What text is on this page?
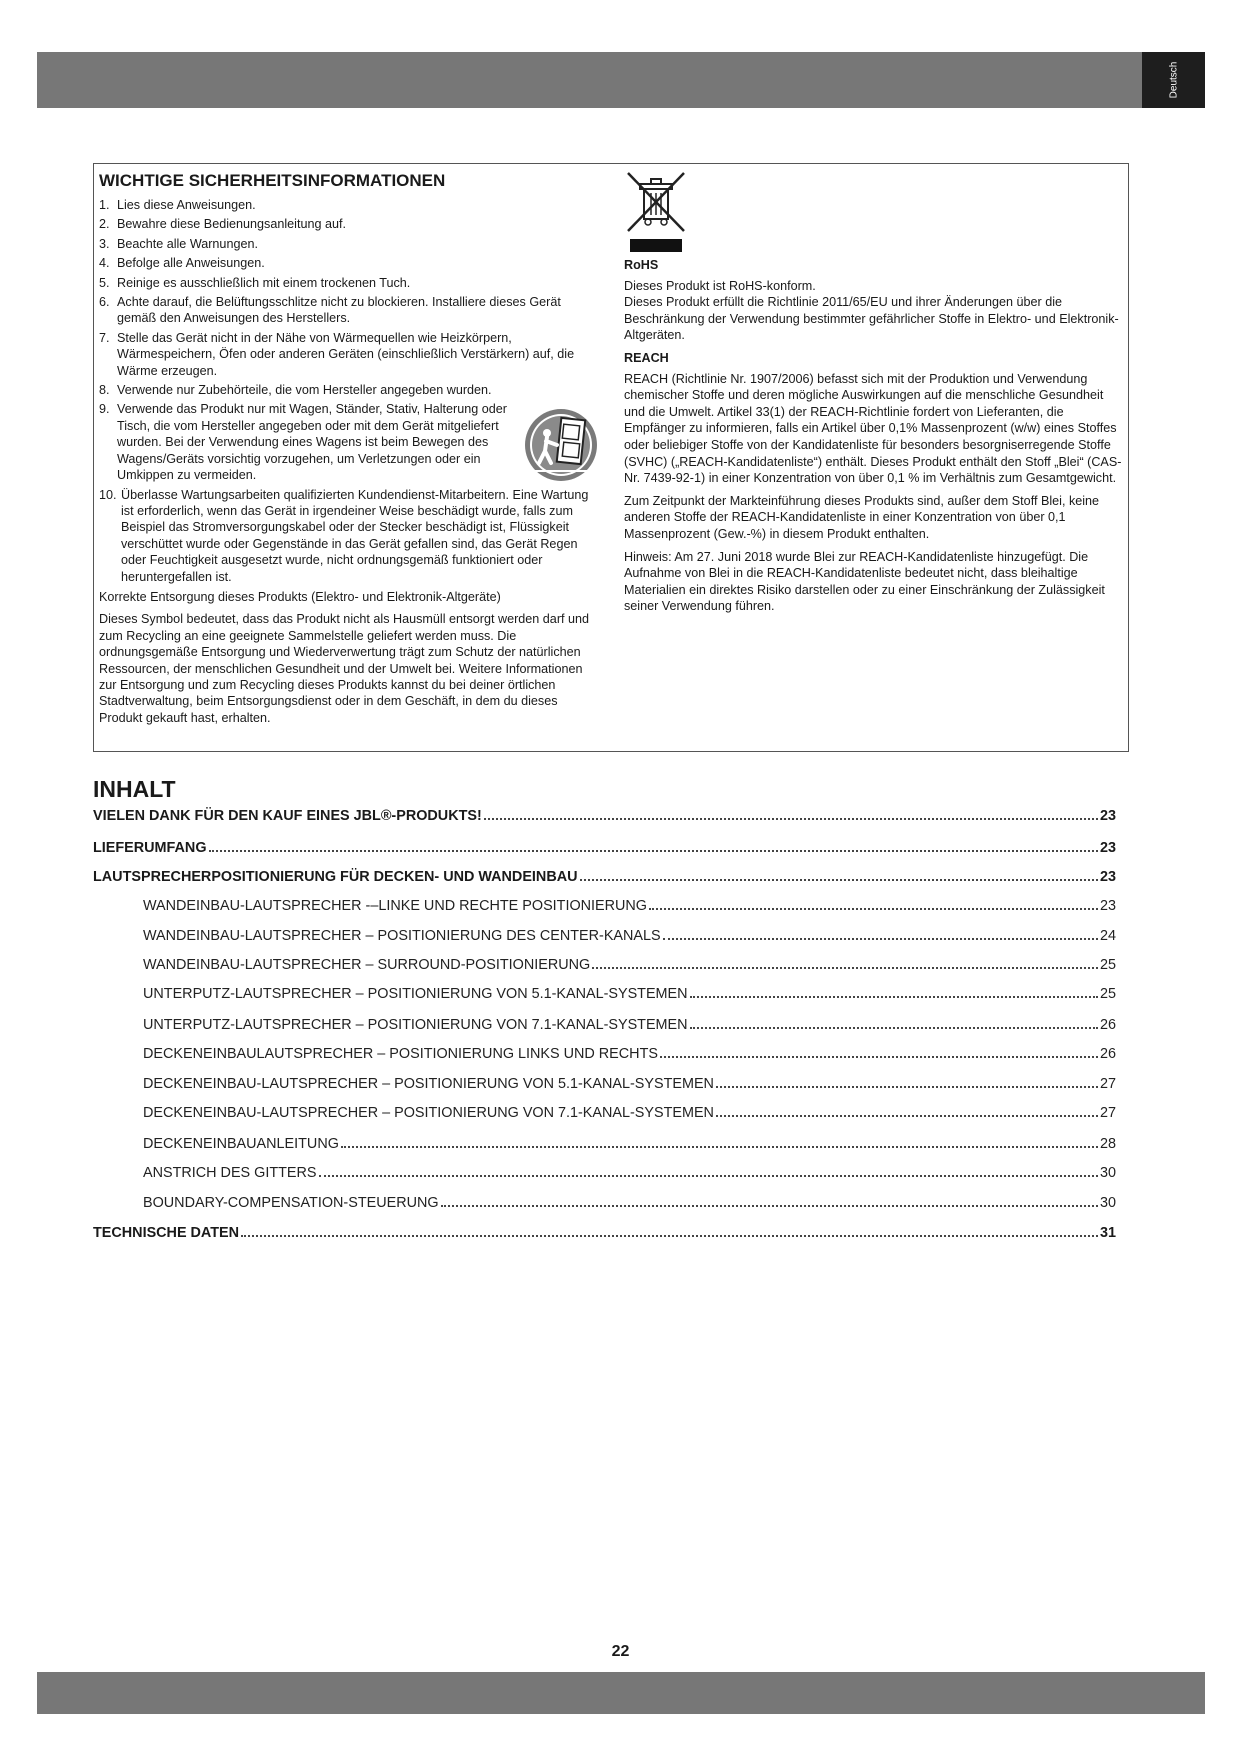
Deutsch
WICHTIGE SICHERHEITSINFORMATIONEN
1. Lies diese Anweisungen.
2. Bewahre diese Bedienungsanleitung auf.
3. Beachte alle Warnungen.
4. Befolge alle Anweisungen.
5. Reinige es ausschließlich mit einem trockenen Tuch.
6. Achte darauf, die Belüftungsschlitze nicht zu blockieren. Installiere dieses Gerät gemäß den Anweisungen des Herstellers.
7. Stelle das Gerät nicht in der Nähe von Wärmequellen wie Heizkörpern, Wärmespeichern, Öfen oder anderen Geräten (einschließlich Verstärkern) auf, die Wärme erzeugen.
8. Verwende nur Zubehörteile, die vom Hersteller angegeben wurden.
9. Verwende das Produkt nur mit Wagen, Ständer, Stativ, Halterung oder Tisch, die vom Hersteller angegeben oder mit dem Gerät mitgeliefert wurden. Bei der Verwendung eines Wagens ist beim Bewegen des Wagens/Geräts vorsichtig vorzugehen, um Verletzungen oder ein Umkippen zu vermeiden.
10. Überlasse Wartungsarbeiten qualifizierten Kundendienst-Mitarbeitern. Eine Wartung ist erforderlich, wenn das Gerät in irgendeiner Weise beschädigt wurde, falls zum Beispiel das Stromversorgungskabel oder der Stecker beschädigt ist, Flüssigkeit verschüttet wurde oder Gegenstände in das Gerät gefallen sind, das Gerät Regen oder Feuchtigkeit ausgesetzt wurde, nicht ordnungsgemäß funktioniert oder heruntergefallen ist.
Korrekte Entsorgung dieses Produkts (Elektro- und Elektronik-Altgeräte)
Dieses Symbol bedeutet, dass das Produkt nicht als Hausmüll entsorgt werden darf und zum Recycling an eine geeignete Sammelstelle geliefert werden muss. Die ordnungsgemäße Entsorgung und Wiederverwertung trägt zum Schutz der natürlichen Ressourcen, der menschlichen Gesundheit und der Umwelt bei. Weitere Informationen zur Entsorgung und zum Recycling dieses Produkts kannst du bei deiner örtlichen Stadtverwaltung, beim Entsorgungsdienst oder in dem Geschäft, in dem du dieses Produkt gekauft hast, erhalten.
RoHS
Dieses Produkt ist RoHS-konform.
Dieses Produkt erfüllt die Richtlinie 2011/65/EU und ihrer Änderungen über die Beschränkung der Verwendung bestimmter gefährlicher Stoffe in Elektro- und Elektronik-Altgeräten.
REACH
REACH (Richtlinie Nr. 1907/2006) befasst sich mit der Produktion und Verwendung chemischer Stoffe und deren mögliche Auswirkungen auf die menschliche Gesundheit und die Umwelt. Artikel 33(1) der REACH-Richtlinie fordert von Lieferanten, die Empfänger zu informieren, falls ein Artikel über 0,1% Massenprozent (w/w) eines Stoffes oder beliebiger Stoffe von der Kandidatenliste für besonders besorgniserregende Stoffe (SVHC) („REACH-Kandidatenliste“) enthält. Dieses Produkt enthält den Stoff „Blei“ (CAS-Nr. 7439-92-1) in einer Konzentration von über 0,1 % im Verhältnis zum Gesamtgewicht.
Zum Zeitpunkt der Markteinführung dieses Produkts sind, außer dem Stoff Blei, keine anderen Stoffe der REACH-Kandidatenliste in einer Konzentration von über 0,1 Massenprozent (Gew.-%) in diesem Produkt enthalten.
Hinweis: Am 27. Juni 2018 wurde Blei zur REACH-Kandidatenliste hinzugefügt. Die Aufnahme von Blei in die REACH-Kandidatenliste bedeutet nicht, dass bleihaltige Materialien ein direktes Risiko darstellen oder zu einer Einschränkung der Zulässigkeit seiner Verwendung führen.
INHALT
VIELEN DANK FÜR DEN KAUF EINES JBL®-PRODUKTS!	23
LIEFERUMFANG	23
LAUTSPRECHERPOSITIONIERUNG FÜR DECKEN- UND WANDEINBAU	23
WANDEINBAU-LAUTSPRECHER -–LINKE UND RECHTE POSITIONIERUNG	23
WANDEINBAU-LAUTSPRECHER – POSITIONIERUNG DES CENTER-KANALS	24
WANDEINBAU-LAUTSPRECHER – SURROUND-POSITIONIERUNG	25
UNTERPUTZ-LAUTSPRECHER – POSITIONIERUNG VON 5.1-KANAL-SYSTEMEN	25
UNTERPUTZ-LAUTSPRECHER – POSITIONIERUNG VON 7.1-KANAL-SYSTEMEN	26
DECKENEINBAULAUTSPRECHER – POSITIONIERUNG LINKS UND RECHTS	26
DECKENEINBAU-LAUTSPRECHER – POSITIONIERUNG VON 5.1-KANAL-SYSTEMEN	27
DECKENEINBAU-LAUTSPRECHER – POSITIONIERUNG VON 7.1-KANAL-SYSTEMEN	27
DECKENEINBAUANLEITUNG	28
ANSTRICH DES GITTERS	30
BOUNDARY-COMPENSATION-STEUERUNG	30
TECHNISCHE DATEN	31
22
